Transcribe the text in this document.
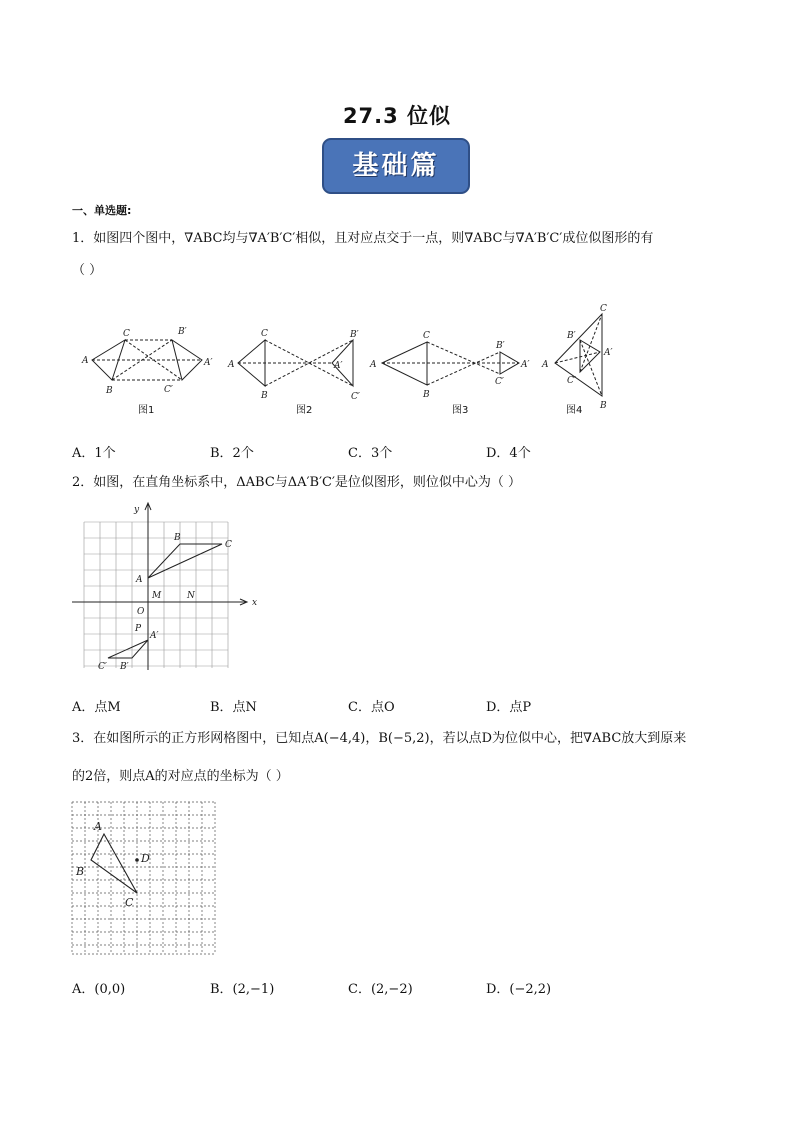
27.3 位似
基础篇
一、单选题:
1．如图四个图中，∇ABC均与∇A′B′C′相似，且对应点交于一点，则∇ABC与∇A′B′C′成位似图形的有
（ ）
A
C
B
B′
A′
C′
A
C
B
B′
A′
C′
A
C
B
B′
A′
C′
A
C
B
B′
A′
C′
图1	图2	图3	图4
A．1个	B．2个	C．3个	D．4个
2．如图，在直角坐标系中，ΔABC与ΔA′B′C′是位似图形，则位似中心为（ ）
x
y
O
M	N
A
B
C
P
A′
B′
C′
A．点M	B．点N	C．点O	D．点P
3．在如图所示的正方形网格图中，已知点A(−4,4)，B(−5,2)，若以点D为位似中心，把∇ABC放大到原来
的2倍，则点A的对应点的坐标为（ ）
A
B
C
D
A．(0,0)	B．(2,−1)	C．(2,−2)	D．(−2,2)
